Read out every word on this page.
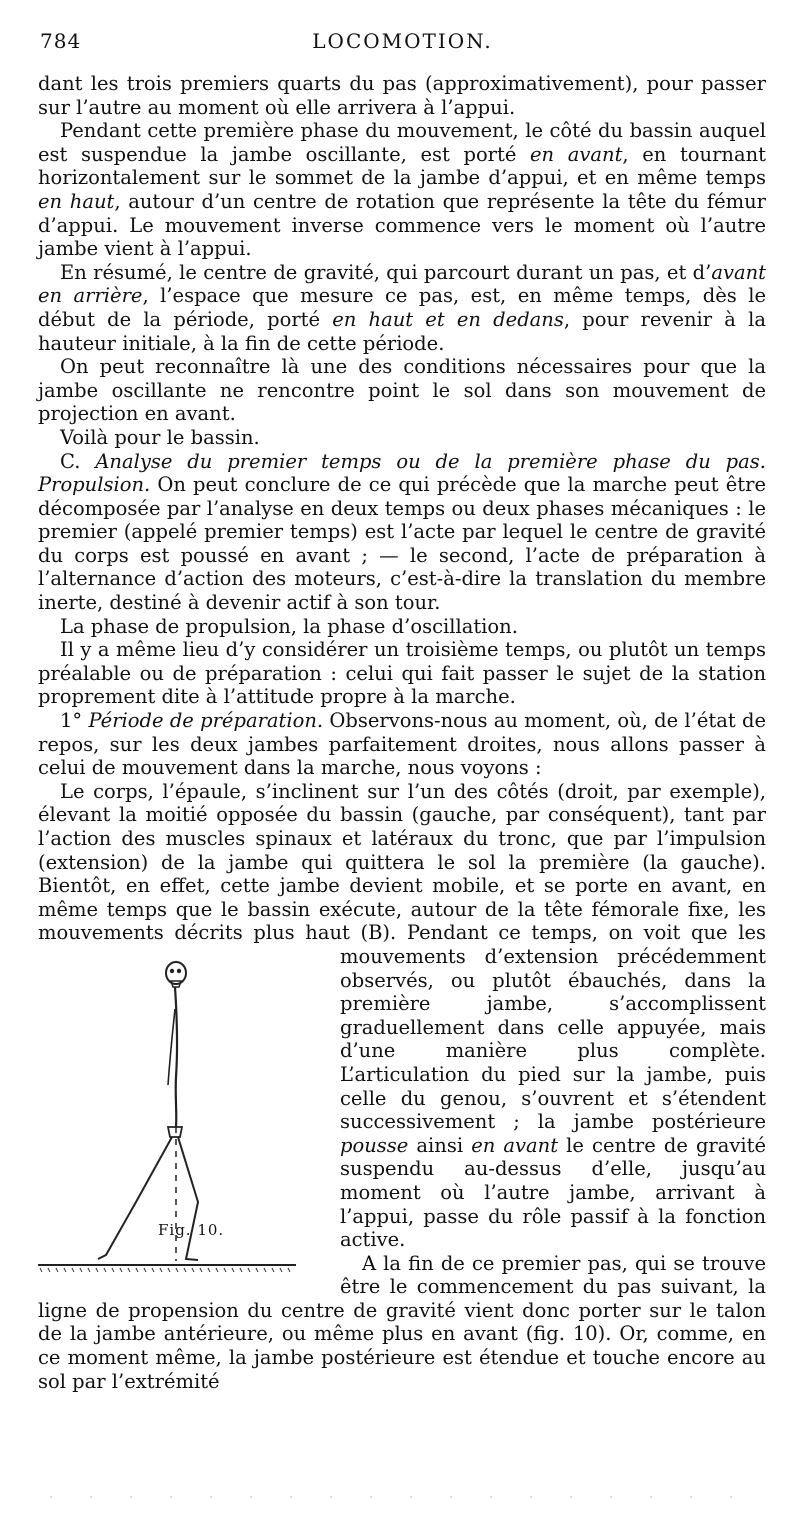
784	LOCOMOTION.

dant les trois premiers quarts du pas (approximativement), pour passer sur l’autre au moment où elle arrivera à l’appui.

Pendant cette première phase du mouvement, le côté du bassin auquel est suspendue la jambe oscillante, est porté en avant, en tournant horizontalement sur le sommet de la jambe d’appui, et en même temps en haut, autour d’un centre de rotation que représente la tête du fémur d’appui. Le mouvement inverse commence vers le moment où l’autre jambe vient à l’appui.

En résumé, le centre de gravité, qui parcourt durant un pas, et d’avant en arrière, l’espace que mesure ce pas, est, en même temps, dès le début de la période, porté en haut et en dedans, pour revenir à la hauteur initiale, à la fin de cette période.

On peut reconnaître là une des conditions nécessaires pour que la jambe oscillante ne rencontre point le sol dans son mouvement de projection en avant.

Voilà pour le bassin.

C. Analyse du premier temps ou de la première phase du pas. Propulsion. On peut conclure de ce qui précède que la marche peut être décomposée par l’analyse en deux temps ou deux phases mécaniques : le premier (appelé premier temps) est l’acte par lequel le centre de gravité du corps est poussé en avant ; — le second, l’acte de préparation à l’alternance d’action des moteurs, c’est-à-dire la translation du membre inerte, destiné à devenir actif à son tour.

La phase de propulsion, la phase d’oscillation.

Il y a même lieu d’y considérer un troisième temps, ou plutôt un temps préalable ou de préparation : celui qui fait passer le sujet de la station proprement dite à l’attitude propre à la marche.

1° Période de préparation. Observons-nous au moment, où, de l’état de repos, sur les deux jambes parfaitement droites, nous allons passer à celui de mouvement dans la marche, nous voyons :

Le corps, l’épaule, s’inclinent sur l’un des côtés (droit, par exemple), élevant la moitié opposée du bassin (gauche, par conséquent), tant par l’action des muscles spinaux et latéraux du tronc, que par l’impulsion (extension) de la jambe qui quittera le sol la première (la gauche). Bientôt, en effet, cette jambe devient mobile, et se porte en avant, en même temps que le bassin exécute, autour de la tête fémorale fixe, les mouvements décrits plus haut (B). Pendant ce temps, on
Fig. 10.
voit que les mouvements d’extension précédemment observés, ou plutôt ébauchés, dans la première jambe, s’accomplissent graduellement dans celle appuyée, mais d’une manière plus complète. L’articulation du pied sur la jambe, puis celle du genou, s’ouvrent et s’étendent successivement ; la jambe postérieure pousse ainsi en avant le centre de gravité suspendu au-dessus d’elle, jusqu’au moment où l’autre jambe, arrivant à l’appui, passe du rôle passif à la fonction active.

A la fin de ce premier pas, qui se trouve être le commencement du pas suivant, la ligne de propension du centre de gravité vient donc porter sur le talon de la jambe antérieure, ou même plus en avant (fig. 10). Or, comme, en ce moment même, la jambe postérieure est étendue et touche encore au sol par l’extrémité
